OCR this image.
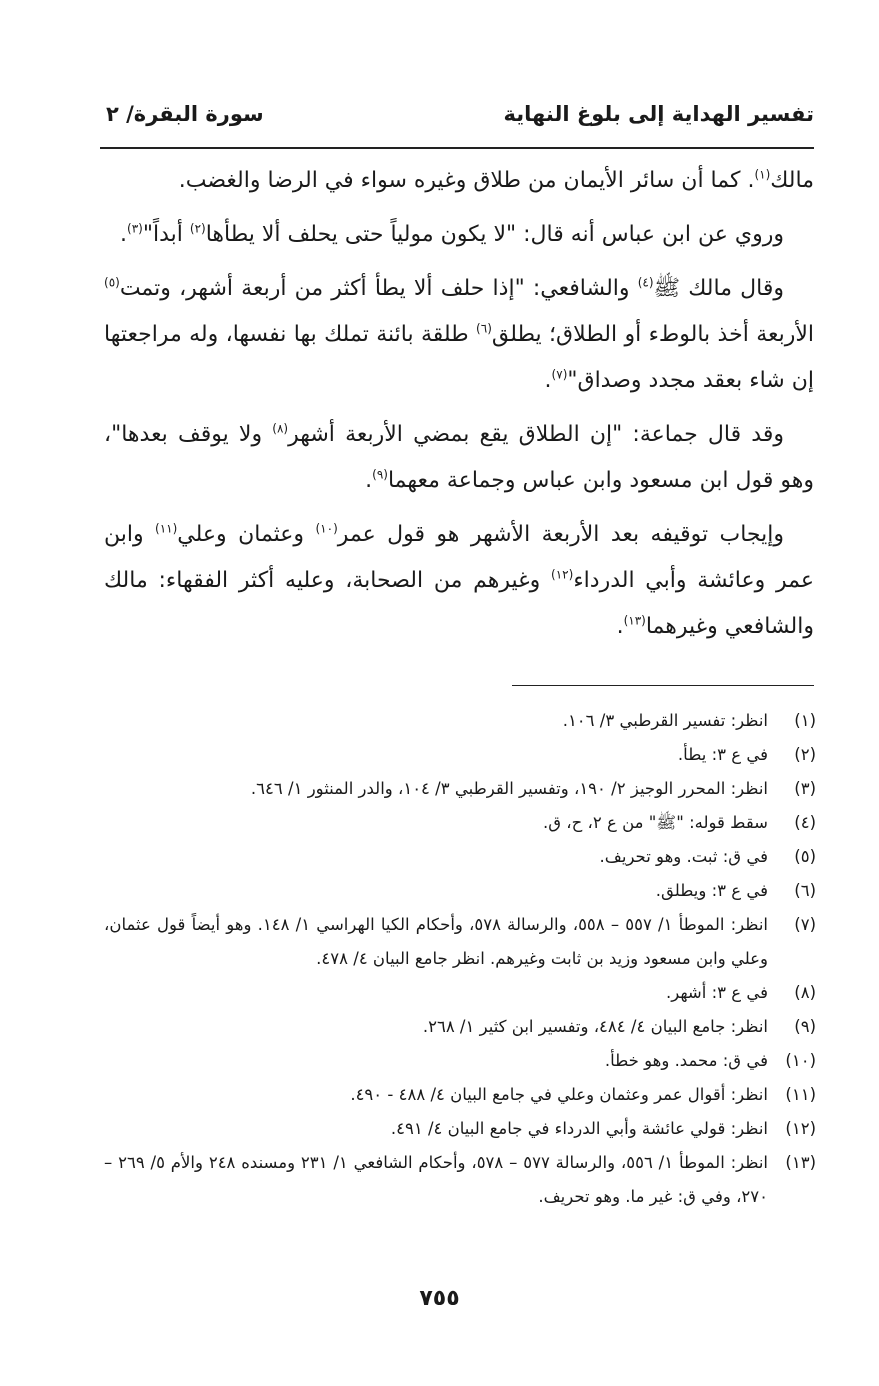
تفسير الهداية إلى بلوغ النهاية
سورة البقرة/ ٢

مالك$^{(١)}$. كما أن سائر الأيمان من طلاق وغيره سواء في الرضا والغضب.

وروي عن ابن عباس أنه قال: "لا يكون مولياً حتى يحلف ألا يطأها$^{(٢)}$ أبداً"$^{(٣)}$.

وقال مالك ﷺ$^{(٤)}$ والشافعي: "إذا حلف ألا يطأ أكثر من أربعة أشهر، وتمت$^{(٥)}$ الأربعة أخذ بالوطء أو الطلاق؛ يطلق$^{(٦)}$ طلقة بائنة تملك بها نفسها، وله مراجعتها إن شاء بعقد مجدد وصداق"$^{(٧)}$.

وقد قال جماعة: "إن الطلاق يقع بمضي الأربعة أشهر$^{(٨)}$ ولا يوقف بعدها"، وهو قول ابن مسعود وابن عباس وجماعة معهما$^{(٩)}$.

وإيجاب توقيفه بعد الأربعة الأشهر هو قول عمر$^{(١٠)}$ وعثمان وعلي$^{(١١)}$ وابن عمر وعائشة وأبي الدرداء$^{(١٢)}$ وغيرهم من الصحابة، وعليه أكثر الفقهاء: مالك والشافعي وغيرهما$^{(١٣)}$.

(١)
انظر: تفسير القرطبي ٣/ ١٠٦.
(٢)
في ع ٣: يطأ.
(٣)
انظر: المحرر الوجيز ٢/ ١٩٠، وتفسير القرطبي ٣/ ١٠٤، والدر المنثور ١/ ٦٤٦.
(٤)
سقط قوله: "ﷺ" من ع ٢، ح، ق.
(٥)
في ق: ثبت. وهو تحريف.
(٦)
في ع ٣: ويطلق.
(٧)
انظر: الموطأ ١/ ٥٥٧ – ٥٥٨، والرسالة ٥٧٨، وأحكام الكيا الهراسي ١/ ١٤٨. وهو أيضاً قول عثمان، وعلي وابن مسعود وزيد بن ثابت وغيرهم. انظر جامع البيان ٤/ ٤٧٨.
(٨)
في ع ٣: أشهر.
(٩)
انظر: جامع البيان ٤/ ٤٨٤، وتفسير ابن كثير ١/ ٢٦٨.
(١٠)
في ق: محمد. وهو خطأ.
(١١)
انظر: أقوال عمر وعثمان وعلي في جامع البيان ٤/ ٤٨٨ - ٤٩٠.
(١٢)
انظر: قولي عائشة وأبي الدرداء في جامع البيان ٤/ ٤٩١.
(١٣)
انظر: الموطأ ١/ ٥٥٦، والرسالة ٥٧٧ – ٥٧٨، وأحكام الشافعي ١/ ٢٣١ ومسنده ٢٤٨ والأم ٥/ ٢٦٩ – ٢٧٠، وفي ق: غير ما. وهو تحريف.
٧٥٥
